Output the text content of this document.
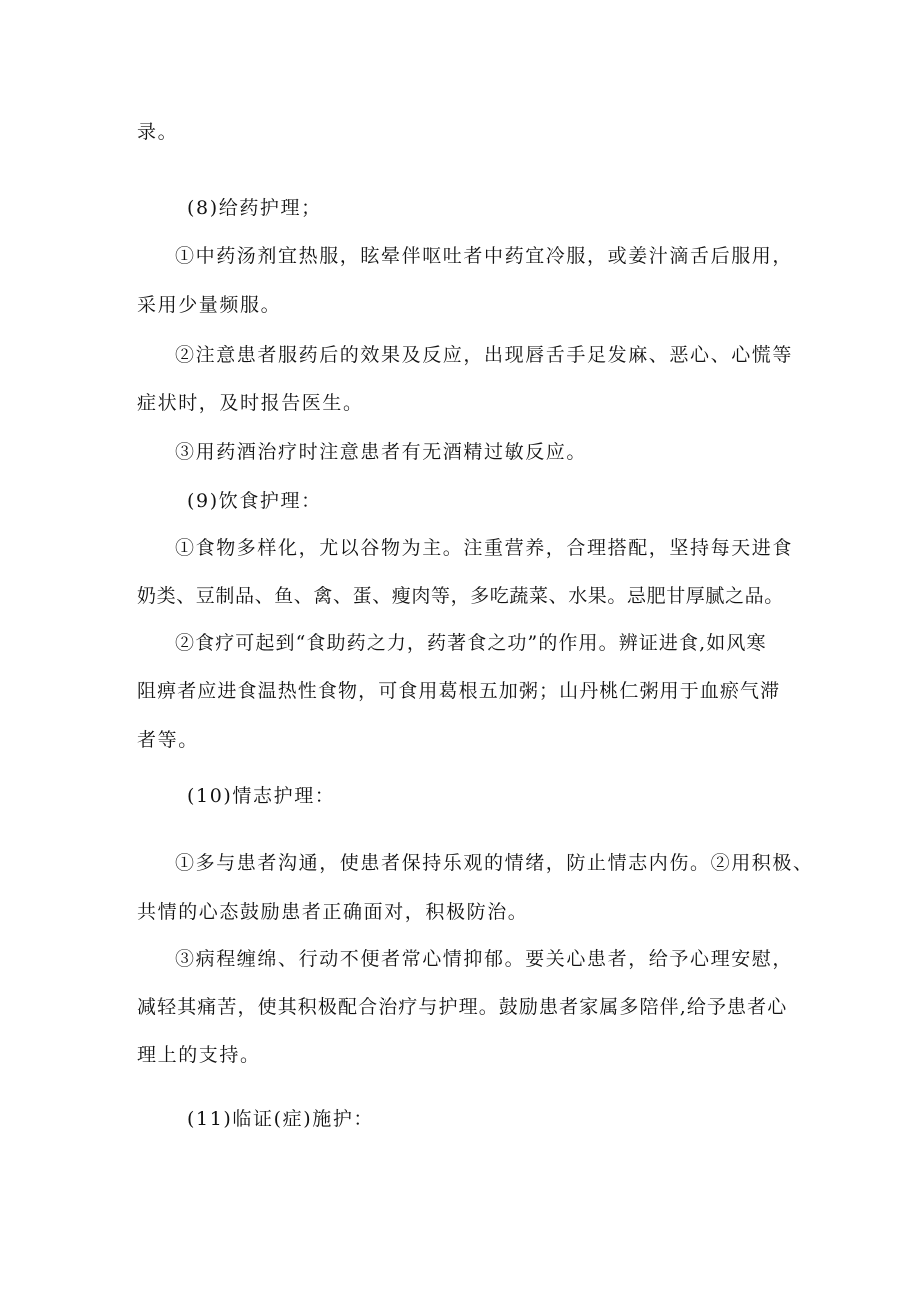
录。
(8)给药护理；
①中药汤剂宜热服，眩晕伴呕吐者中药宜冷服，或姜汁滴舌后服用，
采用少量频服。
②注意患者服药后的效果及反应，出现唇舌手足发麻、恶心、心慌等
症状时，及时报告医生。
③用药酒治疗时注意患者有无酒精过敏反应。
(9)饮食护理：
①食物多样化，尤以谷物为主。注重营养，合理搭配，坚持每天进食
奶类、豆制品、鱼、禽、蛋、瘦肉等，多吃蔬菜、水果。忌肥甘厚腻之品。
②食疗可起到“食助药之力，药著食之功”的作用。辨证进食,如风寒
阻痹者应进食温热性食物，可食用葛根五加粥；山丹桃仁粥用于血瘀气滞
者等。
(10)情志护理：
①多与患者沟通，使患者保持乐观的情绪，防止情志内伤。②用积极、
共情的心态鼓励患者正确面对，积极防治。
③病程缠绵、行动不便者常心情抑郁。要关心患者，给予心理安慰，
减轻其痛苦，使其积极配合治疗与护理。鼓励患者家属多陪伴,给予患者心
理上的支持。
(11)临证(症)施护：
